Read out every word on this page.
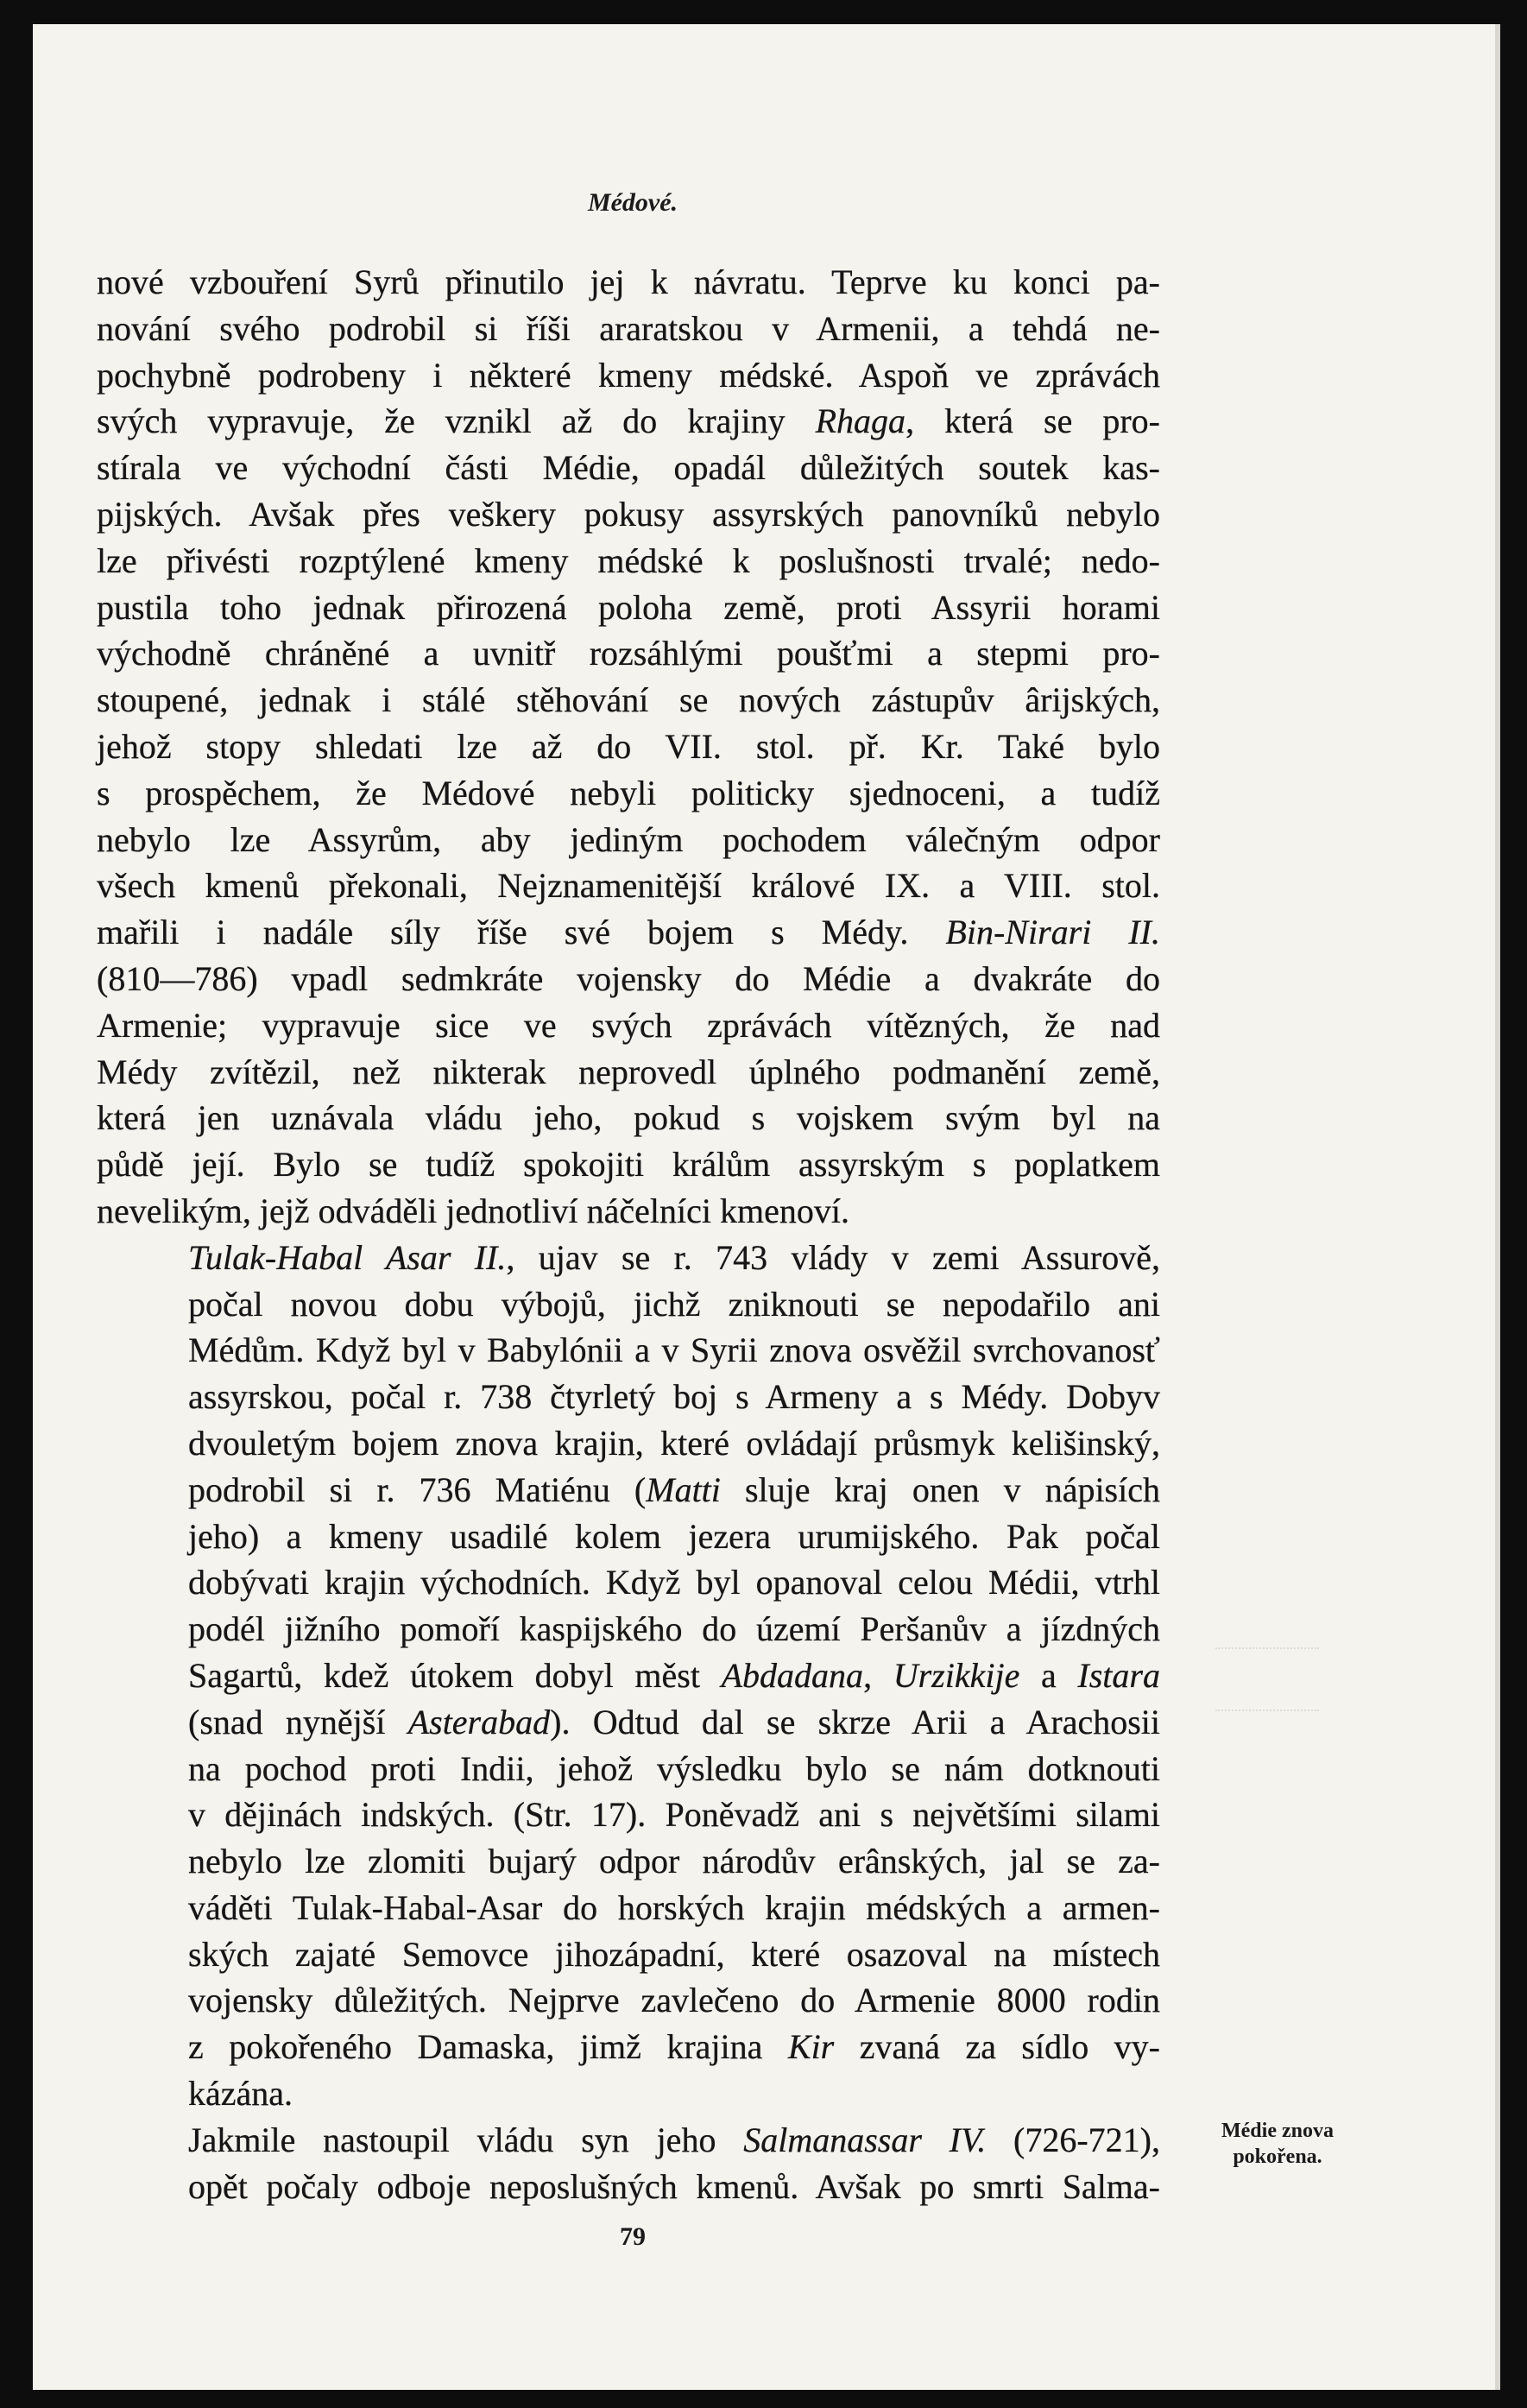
Médové.

nové vzbouření Syrů přinutilo jej k návratu. Teprve ku konci pa-
nování svého podrobil si říši araratskou v Armenii, a tehdá ne-
pochybně podrobeny i některé kmeny médské. Aspoň ve zprávách
svých vypravuje, že vznikl až do krajiny Rhaga, která se pro-
stírala ve východní části Médie, opadál důležitých soutek kas-
pijských. Avšak přes veškery pokusy assyrských panovníků nebylo
lze přivésti rozptýlené kmeny médské k poslušnosti trvalé; nedo-
pustila toho jednak přirozená poloha země, proti Assyrii horami
východně chráněné a uvnitř rozsáhlými poušťmi a stepmi pro-
stoupené, jednak i stálé stěhování se nových zástupův ârijských,
jehož stopy shledati lze až do VII. stol. př. Kr. Také bylo
s prospěchem, že Médové nebyli politicky sjednoceni, a tudíž
nebylo lze Assyrům, aby jediným pochodem válečným odpor
všech kmenů překonali, Nejznamenitější králové IX. a VIII. stol.
mařili i nadále síly říše své bojem s Médy. Bin-Nirari II.
(810—786) vpadl sedmkráte vojensky do Médie a dvakráte do
Armenie; vypravuje sice ve svých zprávách vítězných, že nad
Médy zvítězil, než nikterak neprovedl úplného podmanění země,
která jen uznávala vládu jeho, pokud s vojskem svým byl na
půdě její. Bylo se tudíž spokojiti králům assyrským s poplatkem
nevelikým, jejž odváděli jednotliví náčelníci kmenoví.

Tulak-Habal Asar II., ujav se r. 743 vlády v zemi Assurově,
počal novou dobu výbojů, jichž zniknouti se nepodařilo ani
Médům. Když byl v Babylónii a v Syrii znova osvěžil svrchovanosť
assyrskou, počal r. 738 čtyrletý boj s Armeny a s Médy. Dobyv
dvouletým bojem znova krajin, které ovládají průsmyk kelišinský,
podrobil si r. 736 Matiénu (Matti sluje kraj onen v nápisích
jeho) a kmeny usadilé kolem jezera urumijského. Pak počal
dobývati krajin východních. Když byl opanoval celou Médii, vtrhl
podél jižního pomoří kaspijského do území Peršanův a jízdných
Sagartů, kdež útokem dobyl měst Abdadana, Urzikkije a Istara
(snad nynější Asterabad). Odtud dal se skrze Arii a Arachosii
na pochod proti Indii, jehož výsledku bylo se nám dotknouti
v dějinách indských. (Str. 17). Poněvadž ani s největšími silami
nebylo lze zlomiti bujarý odpor národův erânských, jal se za-
váděti Tulak-Habal-Asar do horských krajin médských a armen-
ských zajaté Semovce jihozápadní, které osazoval na místech
vojensky důležitých. Nejprve zavlečeno do Armenie 8000 rodin
z pokořeného Damaska, jimž krajina Kir zvaná za sídlo vy-
kázána.

Jakmile nastoupil vládu syn jeho Salmanassar IV. (726-721),
opět počaly odboje neposlušných kmenů. Avšak po smrti Salma-

Médie znova
pokořena.
79
